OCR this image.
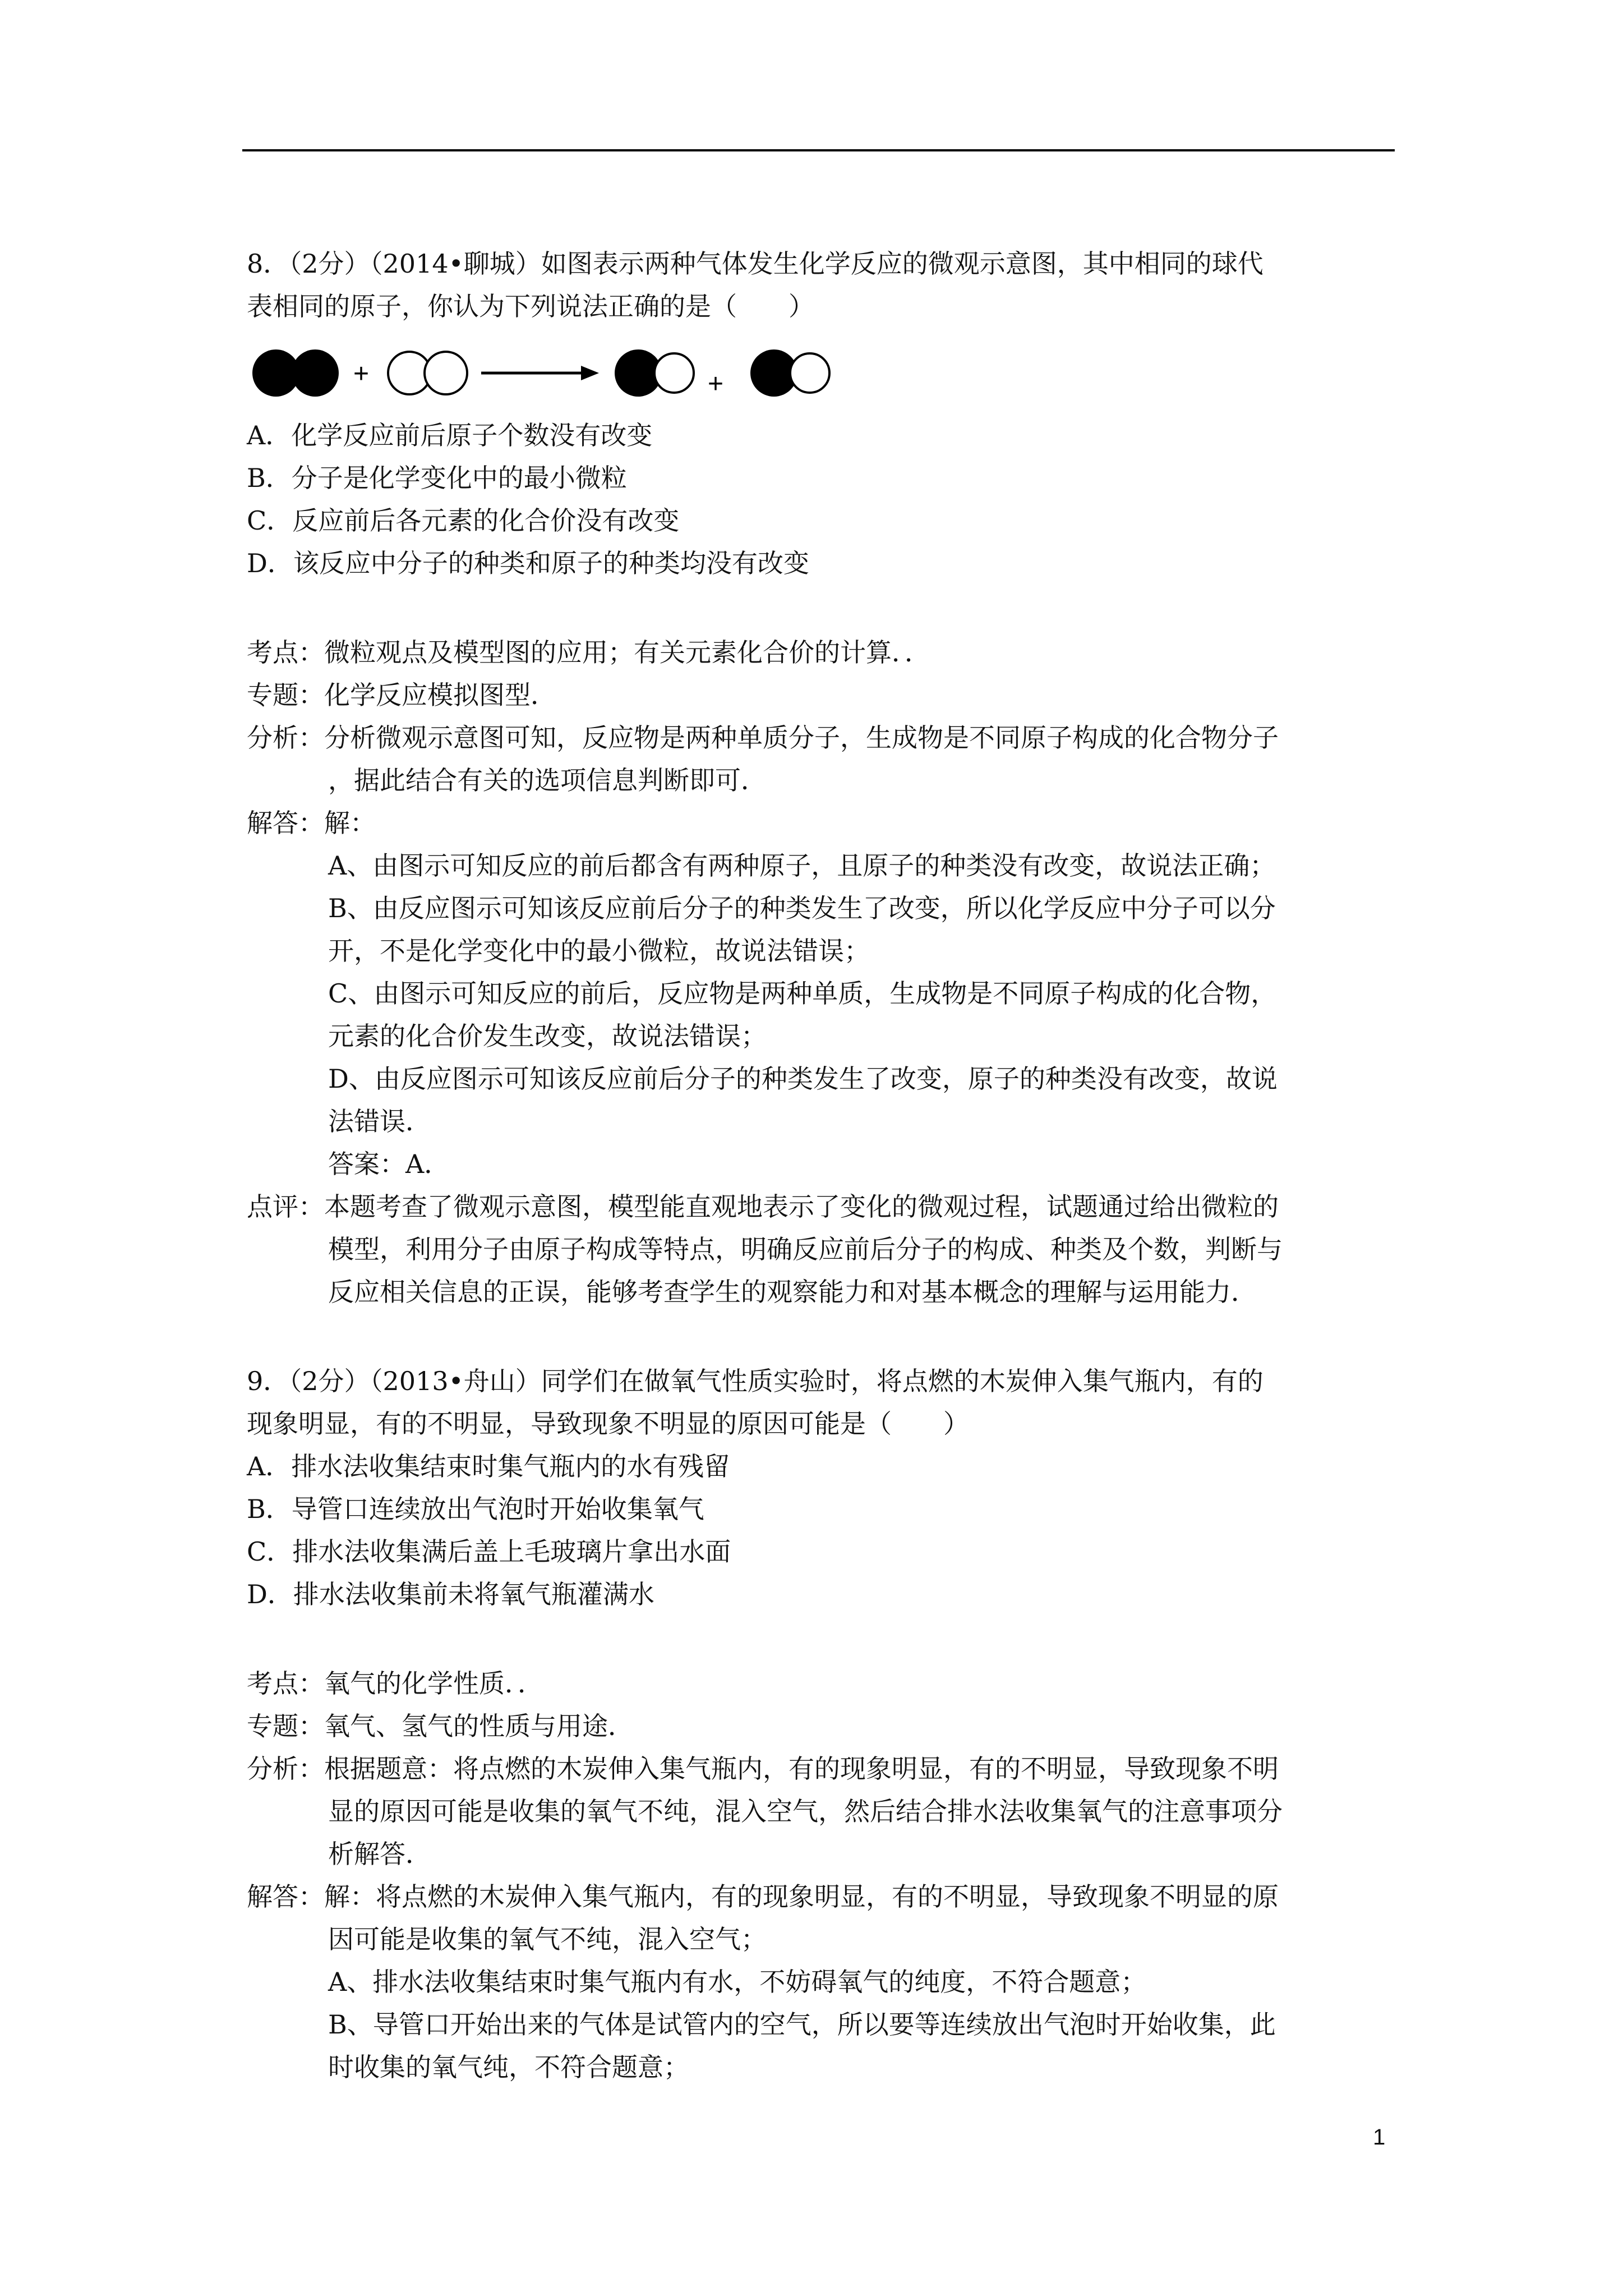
8．（2分）（2014•聊城）如图表示两种气体发生化学反应的微观示意图，其中相同的球代
表相同的原子，你认为下列说法正确的是（　　）
+	+
A．化学反应前后原子个数没有改变
B．分子是化学变化中的最小微粒
C．反应前后各元素的化合价没有改变
D．该反应中分子的种类和原子的种类均没有改变
考点：微粒观点及模型图的应用；有关元素化合价的计算．．
专题：化学反应模拟图型．
分析：分析微观示意图可知，反应物是两种单质分子，生成物是不同原子构成的化合物分子
，据此结合有关的选项信息判断即可．
解答：解：
A、由图示可知反应的前后都含有两种原子，且原子的种类没有改变，故说法正确；
B、由反应图示可知该反应前后分子的种类发生了改变，所以化学反应中分子可以分
开，不是化学变化中的最小微粒，故说法错误；
C、由图示可知反应的前后，反应物是两种单质，生成物是不同原子构成的化合物，
元素的化合价发生改变，故说法错误；
D、由反应图示可知该反应前后分子的种类发生了改变，原子的种类没有改变，故说
法错误．
答案：A．
点评：本题考查了微观示意图，模型能直观地表示了变化的微观过程，试题通过给出微粒的
模型，利用分子由原子构成等特点，明确反应前后分子的构成、种类及个数，判断与
反应相关信息的正误，能够考查学生的观察能力和对基本概念的理解与运用能力．
9．（2分）（2013•舟山）同学们在做氧气性质实验时，将点燃的木炭伸入集气瓶内，有的
现象明显，有的不明显，导致现象不明显的原因可能是（　　）
A．排水法收集结束时集气瓶内的水有残留
B．导管口连续放出气泡时开始收集氧气
C．排水法收集满后盖上毛玻璃片拿出水面
D．排水法收集前未将氧气瓶灌满水
考点：氧气的化学性质．．
专题：氧气、氢气的性质与用途．
分析：根据题意：将点燃的木炭伸入集气瓶内，有的现象明显，有的不明显，导致现象不明
显的原因可能是收集的氧气不纯，混入空气，然后结合排水法收集氧气的注意事项分
析解答．
解答：解：将点燃的木炭伸入集气瓶内，有的现象明显，有的不明显，导致现象不明显的原
因可能是收集的氧气不纯，混入空气；
A、排水法收集结束时集气瓶内有水，不妨碍氧气的纯度，不符合题意；
B、导管口开始出来的气体是试管内的空气，所以要等连续放出气泡时开始收集，此
时收集的氧气纯，不符合题意；
1
